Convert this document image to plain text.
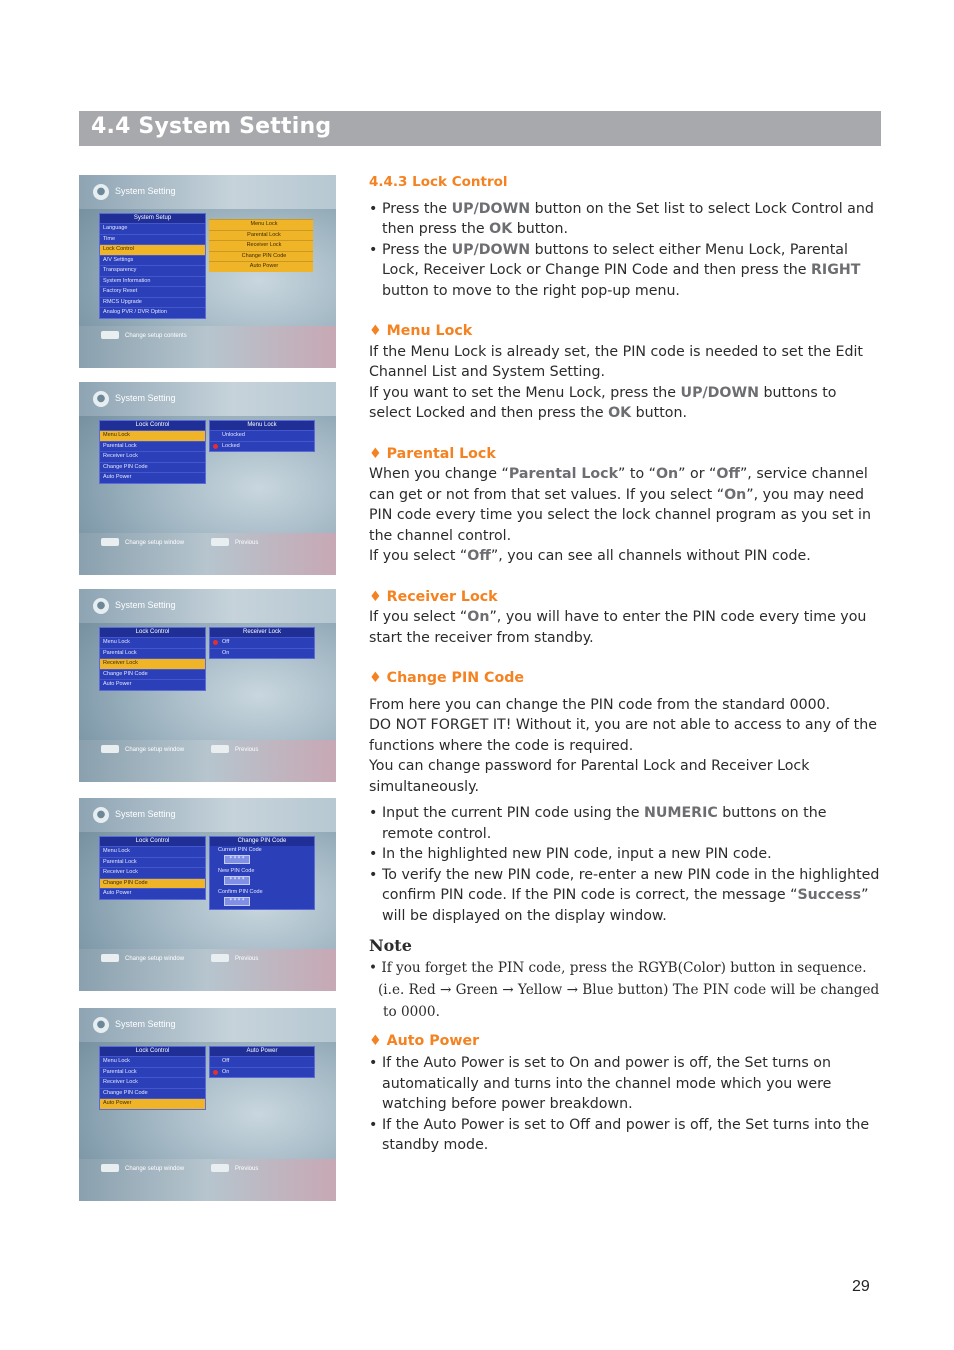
4.4 System Setting
●	System Setting
System Setup
Language
Time
Lock Control
A/V Settings
Transparency
System Information
Factory Reset
RMCS Upgrade
Analog PVR / DVR Option
Menu Lock
Parental Lock
Receiver Lock
Change PIN Code
Auto Power
Change setup contents
●	System Setting
Lock Control
Menu Lock
Parental Lock
Receiver Lock
Change PIN Code
Auto Power
Menu Lock
Unlocked
Locked
Change setup window	Previous
●	System Setting
Lock Control
Menu Lock
Parental Lock
Receiver Lock
Change PIN Code
Auto Power
Receiver Lock
Off
On
Change setup window	Previous
●	System Setting
Lock Control
Menu Lock
Parental Lock
Receiver Lock
Change PIN Code
Auto Power
Change PIN Code
Current PIN Code
* * * *
New PIN Code
* * * *
Confirm PIN Code
* * * *
Change setup window	Previous
●	System Setting
Lock Control
Menu Lock
Parental Lock
Receiver Lock
Change PIN Code
Auto Power
Auto Power
Off
On
Change setup window	Previous

4.4.3 Lock Control

• Press the UP/DOWN button on the Set list to select Lock Control and then press the OK button.
• Press the UP/DOWN buttons to select either Menu Lock, Parental Lock, Receiver Lock or Change PIN Code and then press the RIGHT button to move to the right pop-up menu.

♦ Menu Lock

If the Menu Lock is already set, the PIN code is needed to set the Edit Channel List and System Setting.

If you want to set the Menu Lock, press the UP/DOWN buttons to select Locked and then press the OK button.

♦ Parental Lock

When you change “Parental Lock” to “On” or “Off”, service channel can get or not from that set values. If you select “On”, you may need PIN code every time you select the lock channel program as you set in the channel control.

If you select “Off”, you can see all channels without PIN code.

♦ Receiver Lock

If you select “On”, you will have to enter the PIN code every time you start the receiver from standby.

♦ Change PIN Code

From here you can change the PIN code from the standard 0000.

DO NOT FORGET IT! Without it, you are not able to access to any of the functions where the code is required.

You can change password for Parental Lock and Receiver Lock simultaneously.

• Input the current PIN code using the NUMERIC buttons on the remote control.
• In the highlighted new PIN code, input a new PIN code.
• To verify the new PIN code, re-enter a new PIN code in the highlighted confirm PIN code. If the PIN code is correct, the message “Success” will be displayed on the display window.

Note

• If you forget the PIN code, press the RGYB(Color) button in sequence.

(i.e. Red → Green → Yellow → Blue button) The PIN code will be changed

to 0000.

♦ Auto Power

• If the Auto Power is set to On and power is off, the Set turns on automatically and turns into the channel mode which you were watching before power breakdown.
• If the Auto Power is set to Off and power is off, the Set turns into the standby mode.
29
